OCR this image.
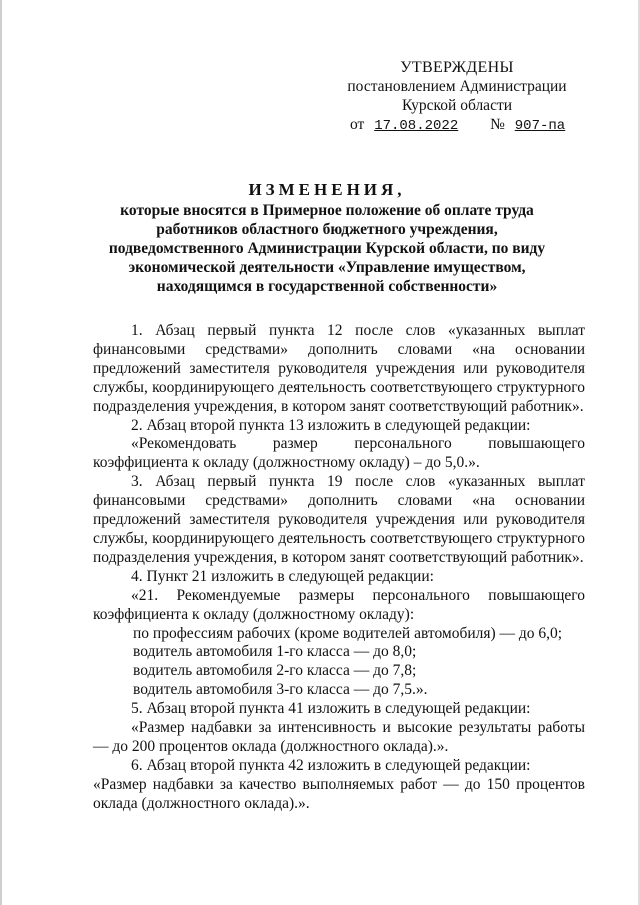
УТВЕРЖДЕНЫ
постановлением Администрации
Курской области
от 17.08.2022 № 907-па
ИЗМЕНЕНИЯ,
которые вносятся в Примерное положение об оплате труда
работников областного бюджетного учреждения,
подведомственного Администрации Курской области, по виду
экономической деятельности «Управление имуществом,
находящимся в государственной собственности»

1. Абзац первый пункта 12 после слов «указанных выплат финансовыми средствами» дополнить словами «на основании предложений заместителя руководителя учреждения или руководителя службы, координирующего деятельность соответствующего структурного подразделения учреждения, в котором занят соответствующий работник».

2. Абзац второй пункта 13 изложить в следующей редакции:

«Рекомендовать размер персонального повышающего коэффициента к окладу (должностному окладу) – до 5,0.».

3. Абзац первый пункта 19 после слов «указанных выплат финансовыми средствами» дополнить словами «на основании предложений заместителя руководителя учреждения или руководителя службы, координирующего деятельность соответствующего структурного подразделения учреждения, в котором занят соответствующий работник».

4. Пункт 21 изложить в следующей редакции:

«21. Рекомендуемые размеры персонального повышающего коэффициента к окладу (должностному окладу):

по профессиям рабочих (кроме водителей автомобиля) — до 6,0;

водитель автомобиля 1-го класса — до 8,0;

водитель автомобиля 2-го класса — до 7,8;

водитель автомобиля 3-го класса — до 7,5.».

5. Абзац второй пункта 41 изложить в следующей редакции:

«Размер надбавки за интенсивность и высокие результаты работы — до 200 процентов оклада (должностного оклада).».

6. Абзац второй пункта 42 изложить в следующей редакции:

«Размер надбавки за качество выполняемых работ — до 150 процентов оклада (должностного оклада).».
